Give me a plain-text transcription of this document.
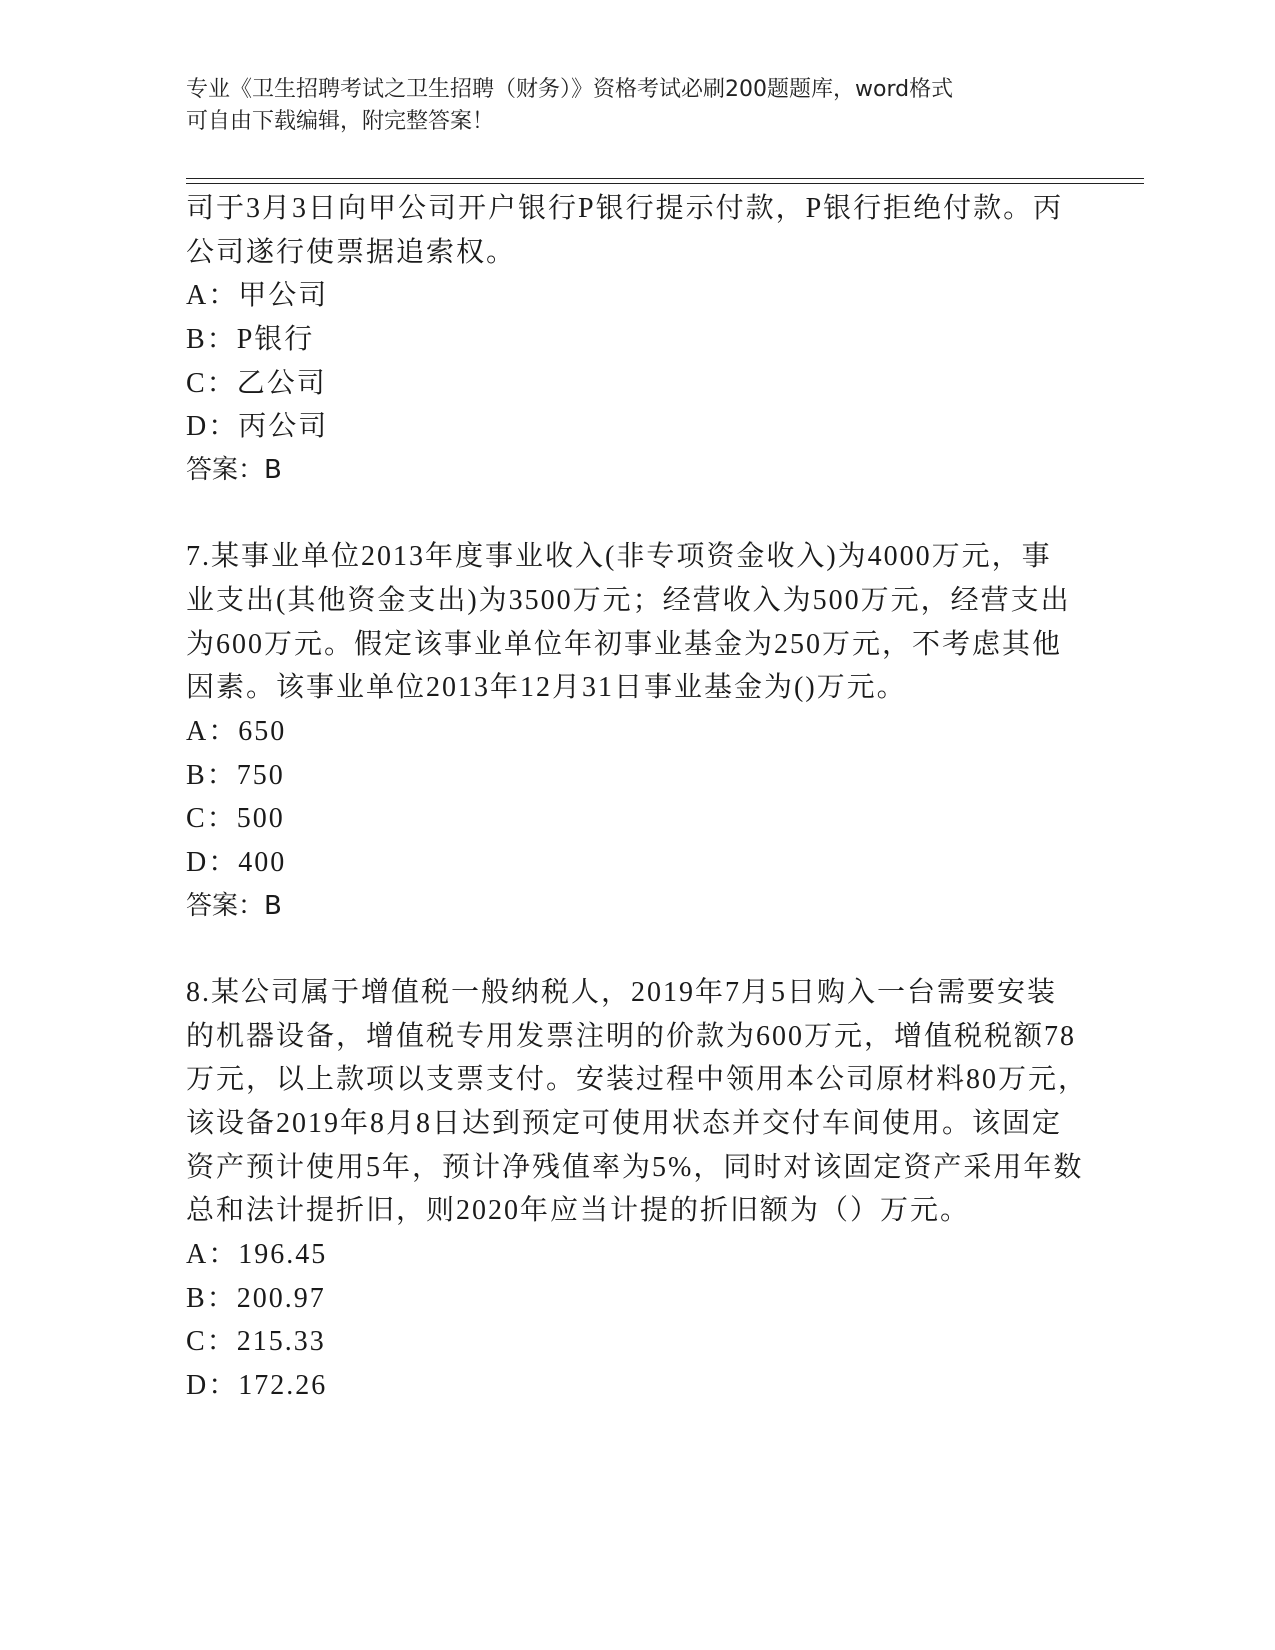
专业《卫生招聘考试之卫生招聘（财务）》资格考试必刷200题题库，word格式
可自由下载编辑，附完整答案！
司于3月3日向甲公司开户银行P银行提示付款，P银行拒绝付款。丙
公司遂行使票据追索权。
A：甲公司
B：P银行
C：乙公司
D：丙公司
答案：B
7.某事业单位2013年度事业收入(非专项资金收入)为4000万元，事
业支出(其他资金支出)为3500万元；经营收入为500万元，经营支出
为600万元。假定该事业单位年初事业基金为250万元，不考虑其他
因素。该事业单位2013年12月31日事业基金为()万元。
A：650
B：750
C：500
D：400
答案：B
8.某公司属于增值税一般纳税人，2019年7月5日购入一台需要安装
的机器设备，增值税专用发票注明的价款为600万元，增值税税额78
万元，以上款项以支票支付。安装过程中领用本公司原材料80万元，
该设备2019年8月8日达到预定可使用状态并交付车间使用。该固定
资产预计使用5年，预计净残值率为5%，同时对该固定资产采用年数
总和法计提折旧，则2020年应当计提的折旧额为（）万元。
A：196.45
B：200.97
C：215.33
D：172.26
